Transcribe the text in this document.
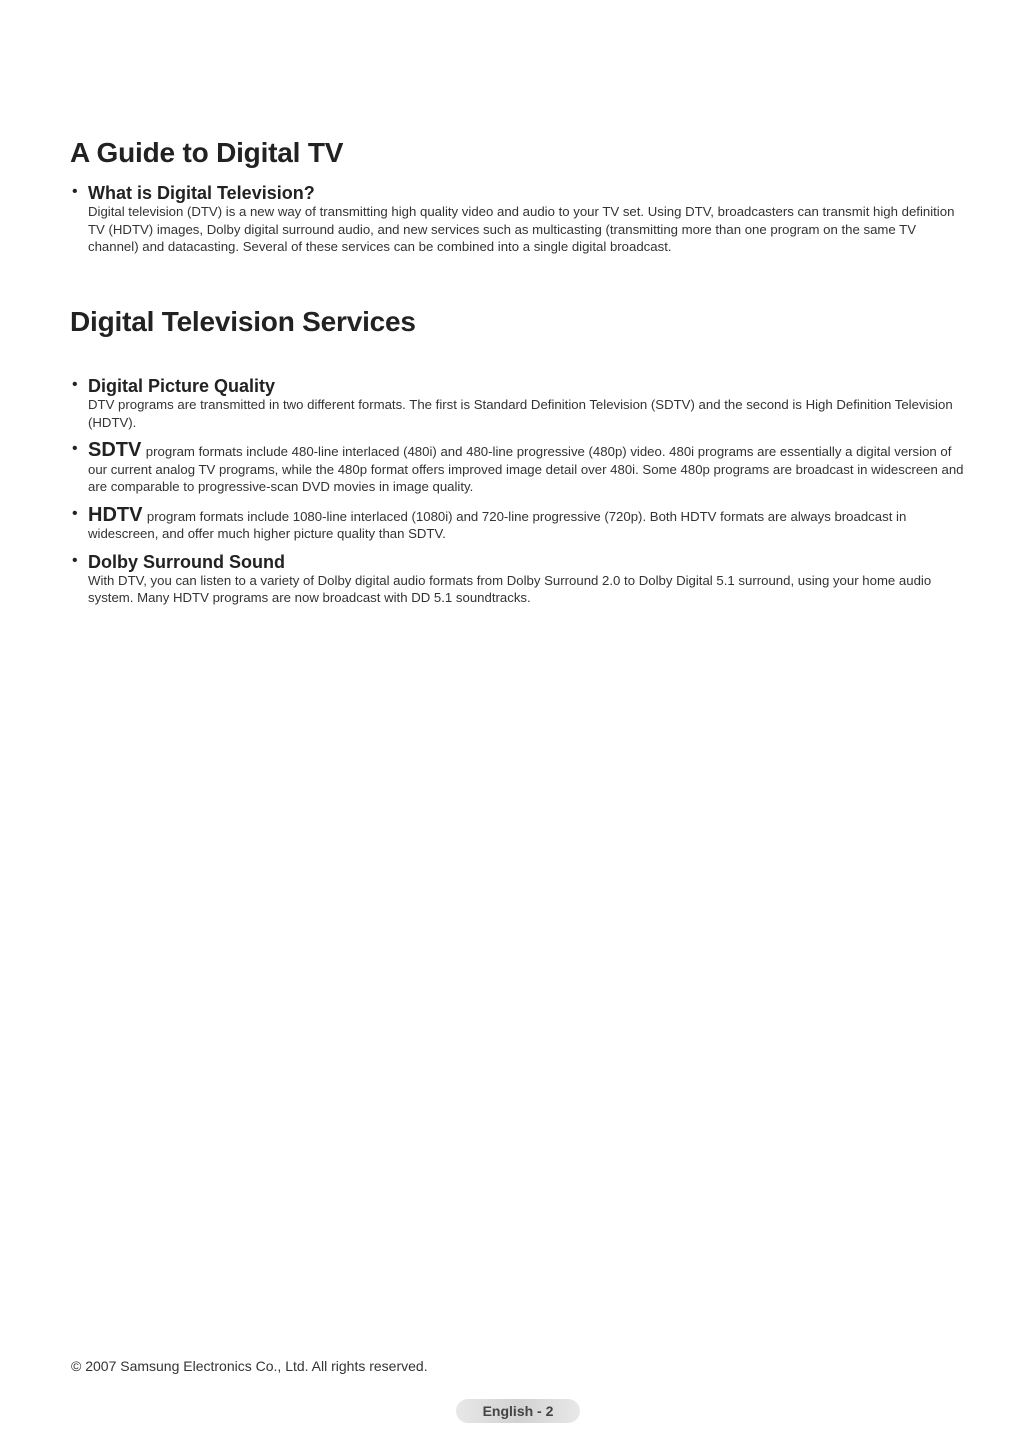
A Guide to Digital TV
• What is Digital Television?
Digital television (DTV) is a new way of transmitting high quality video and audio to your TV set. Using DTV, broadcasters can transmit high definition TV (HDTV) images, Dolby digital surround audio, and new services such as multicasting (transmitting more than one program on the same TV channel) and datacasting. Several of these services can be combined into a single digital broadcast.
Digital Television Services
• Digital Picture Quality
DTV programs are transmitted in two different formats. The first is Standard Definition Television (SDTV) and the second is High Definition Television (HDTV).
• SDTV program formats include 480-line interlaced (480i) and 480-line progressive (480p) video. 480i programs are essentially a digital version of our current analog TV programs, while the 480p format offers improved image detail over 480i. Some 480p programs are broadcast in widescreen and are comparable to progressive-scan DVD movies in image quality.
• HDTV program formats include 1080-line interlaced (1080i) and 720-line progressive (720p). Both HDTV formats are always broadcast in widescreen, and offer much higher picture quality than SDTV.
• Dolby Surround Sound
With DTV, you can listen to a variety of Dolby digital audio formats from Dolby Surround 2.0 to Dolby Digital 5.1 surround, using your home audio system. Many HDTV programs are now broadcast with DD 5.1 soundtracks.
© 2007 Samsung Electronics Co., Ltd. All rights reserved.
English - 2
